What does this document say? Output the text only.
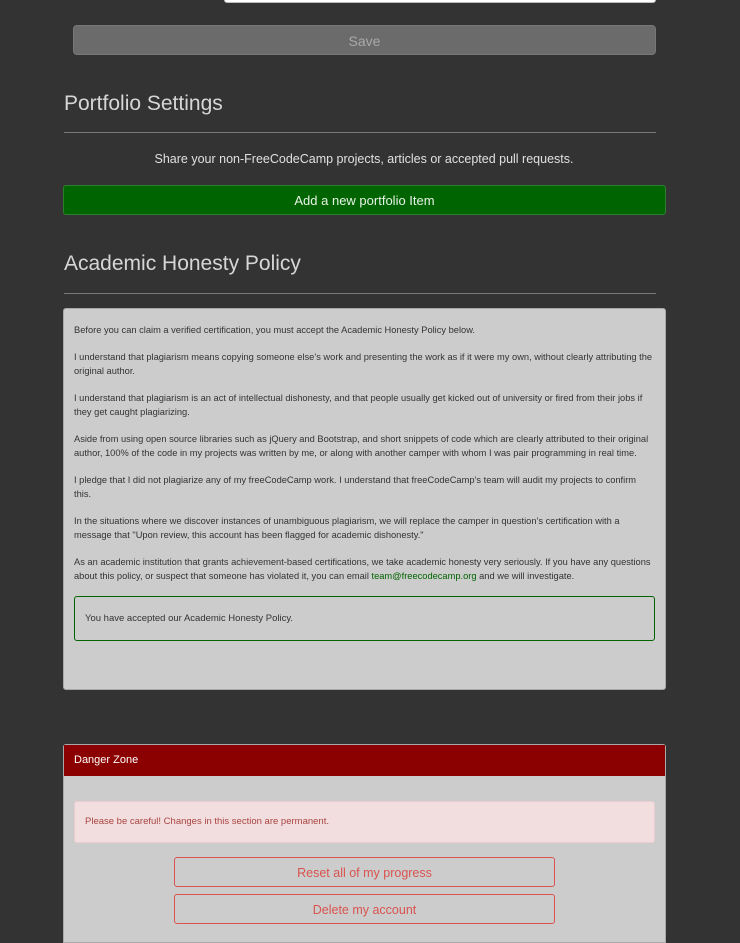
Save
Portfolio Settings
Share your non-FreeCodeCamp projects, articles or accepted pull requests.
Add a new portfolio Item
Academic Honesty Policy

Before you can claim a verified certification, you must accept the Academic Honesty Policy below.

I understand that plagiarism means copying someone else’s work and presenting the work as if it were my own, without clearly attributing the original author.

I understand that plagiarism is an act of intellectual dishonesty, and that people usually get kicked out of university or fired from their jobs if they get caught plagiarizing.

Aside from using open source libraries such as jQuery and Bootstrap, and short snippets of code which are clearly attributed to their original author, 100% of the code in my projects was written by me, or along with another camper with whom I was pair programming in real time.

I pledge that I did not plagiarize any of my freeCodeCamp work. I understand that freeCodeCamp’s team will audit my projects to confirm this.

In the situations where we discover instances of unambiguous plagiarism, we will replace the camper in question’s certification with a message that "Upon review, this account has been flagged for academic dishonesty."

As an academic institution that grants achievement-based certifications, we take academic honesty very seriously. If you have any questions about this policy, or suspect that someone has violated it, you can email team@freecodecamp.org and we will investigate.

You have accepted our Academic Honesty Policy.
Danger Zone
Please be careful! Changes in this section are permanent.
Reset all of my progress
Delete my account
